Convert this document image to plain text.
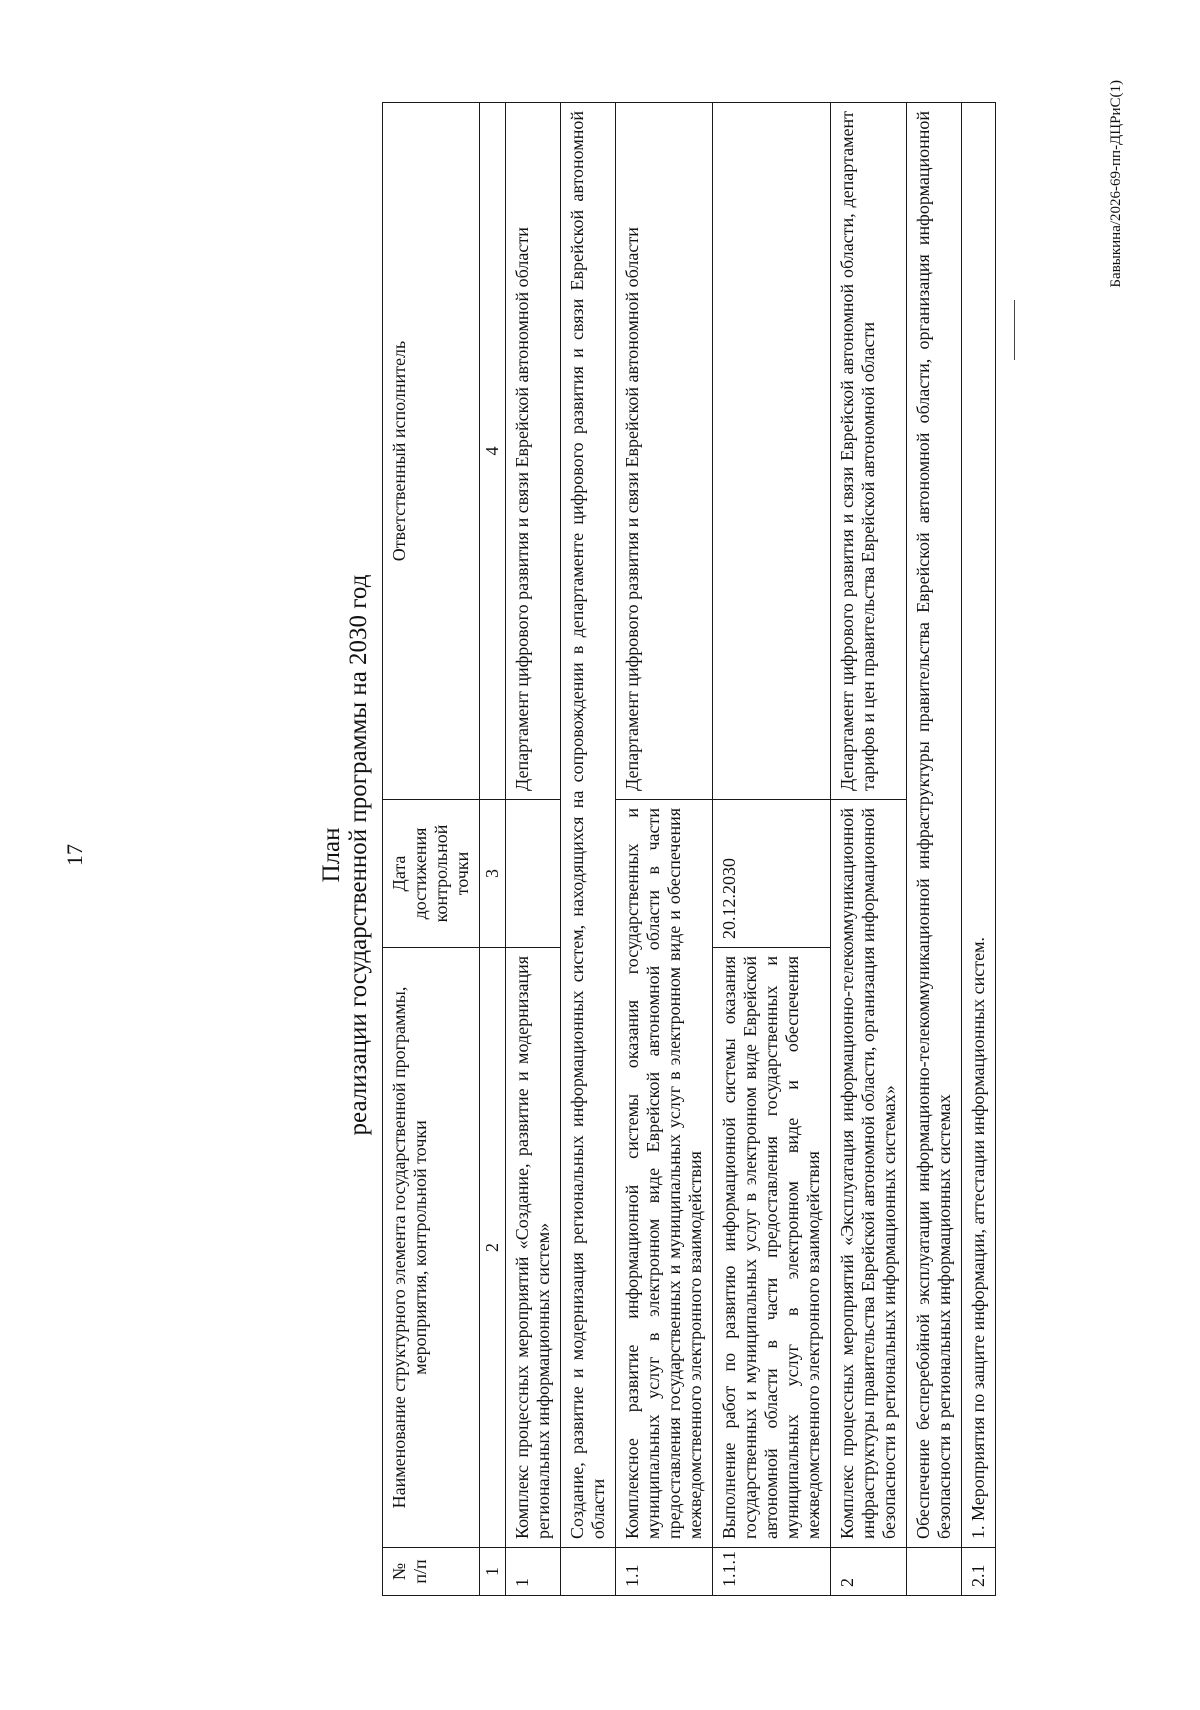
17	План реализации государственной программы на 2030 год
№ п/п	Наименование структурного элемента государственной программы, мероприятия, контрольной точки	Дата достижения контрольной точки	Ответственный исполнитель
1	2	3	4
1	Комплекс процессных мероприятий «Создание, развитие и модернизация региональных информационных систем»		Департамент цифрового развития и связи Еврейской автономной области
	Создание, развитие и модернизация региональных информационных систем, находящихся на сопровождении в департаменте цифрового развития и связи Еврейской автономной области		
1.1	Комплексное развитие информационной системы оказания государственных и муниципальных услуг в электронном виде Еврейской автономной области в части предоставления государственных и муниципальных услуг в электронном виде и обеспечения межведомственного электронного взаимодействия		Департамент цифрового развития и связи Еврейской автономной области
1.1.1	Выполнение работ по развитию информационной системы оказания государственных и муниципальных услуг в электронном виде Еврейской автономной области в части предоставления государственных и муниципальных услуг в электронном виде и обеспечения межведомственного электронного взаимодействия	20.12.2030	
2	Комплекс процессных мероприятий «Эксплуатация информационно-телекоммуникационной инфраструктуры правительства Еврейской автономной области, организация информационной безопасности в региональных информационных системах»		Департамент цифрового развития и связи Еврейской автономной области, департамент тарифов и цен правительства Еврейской автономной области
	Обеспечение бесперебойной эксплуатации информационно-телекоммуникационной инфраструктуры правительства Еврейской автономной области, организация информационной безопасности в региональных информационных системах		
2.1	1. Мероприятия по защите информации, аттестации информационных систем.		
Бавыкина/2026-69-пп-ДЦРиС(1)
